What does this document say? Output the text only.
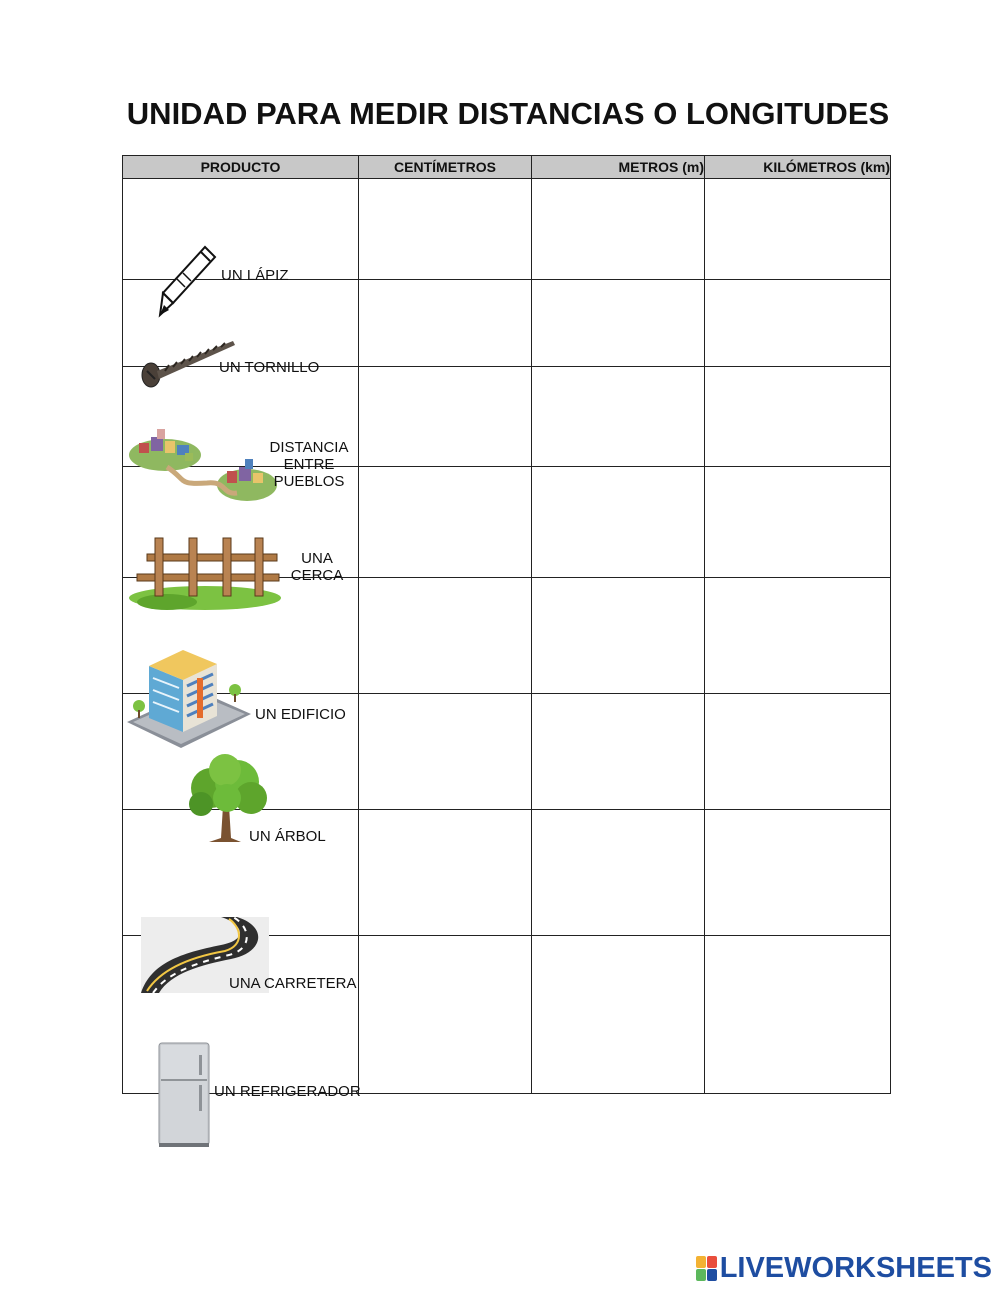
UNIDAD PARA MEDIR DISTANCIAS O LONGITUDES
PRODUCTO	CENTÍMETROS	METROS (m)	KILÓMETROS (km)

UN LÁPIZ			

UN TORNILLO			

DISTANCIA
ENTRE
PUEBLOS			

UNA
CERCA			

UN EDIFICIO			

UN ÁRBOL			

UNA CARRETERA			

UN REFRIGERADOR			

LIVEWORKSHEETS
